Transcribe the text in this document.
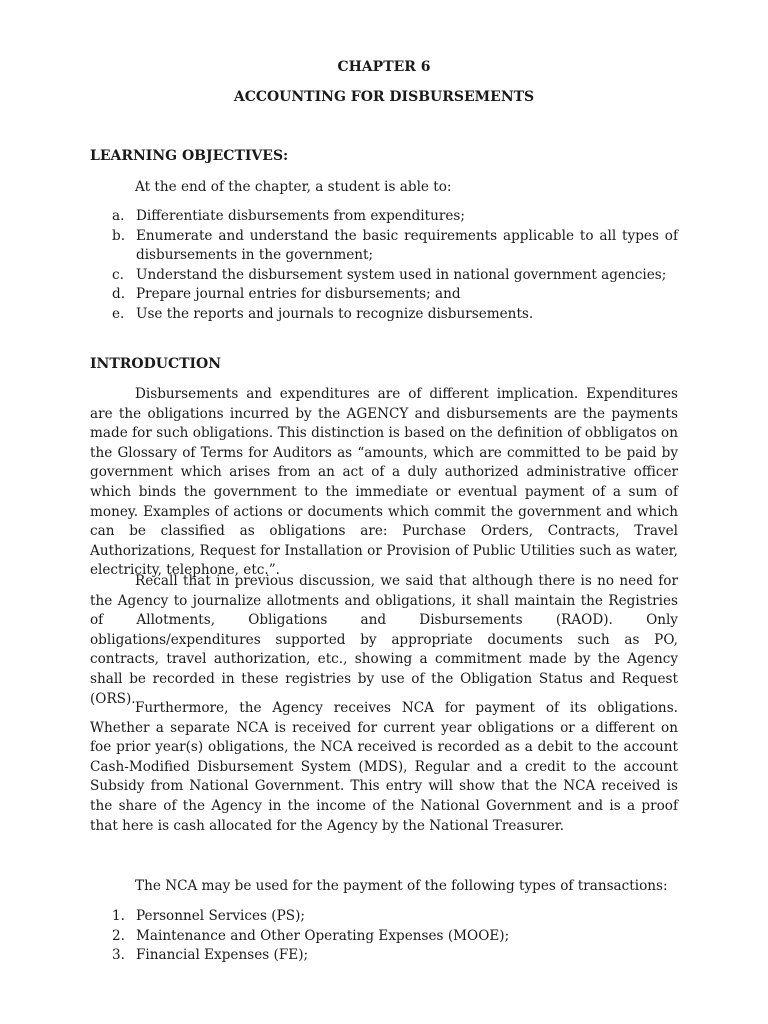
CHAPTER 6
ACCOUNTING FOR DISBURSEMENTS
LEARNING OBJECTIVES:
At the end of the chapter, a student is able to:
a. Differentiate disbursements from expenditures;
b. Enumerate and understand the basic requirements applicable to all types of disbursements in the government;
c. Understand the disbursement system used in national government agencies;
d. Prepare journal entries for disbursements; and
e. Use the reports and journals to recognize disbursements.
INTRODUCTION

Disbursements and expenditures are of different implication. Expenditures are the obligations incurred by the AGENCY and disbursements are the payments made for such obligations. This distinction is based on the definition of obbligatos on the Glossary of Terms for Auditors as “amounts, which are committed to be paid by government which arises from an act of a duly authorized administrative officer which binds the government to the immediate or eventual payment of a sum of money. Examples of actions or documents which commit the government and which can be classified as obligations are: Purchase Orders, Contracts, Travel Authorizations, Request for Installation or Provision of Public Utilities such as water, electricity, telephone, etc.”.

Recall that in previous discussion, we said that although there is no need for the Agency to journalize allotments and obligations, it shall maintain the Registries of Allotments, Obligations and Disbursements (RAOD). Only obligations/expenditures supported by appropriate documents such as PO, contracts, travel authorization, etc., showing a commitment made by the Agency shall be recorded in these registries by use of the Obligation Status and Request (ORS).

Furthermore, the Agency receives NCA for payment of its obligations. Whether a separate NCA is received for current year obligations or a different on foe prior year(s) obligations, the NCA received is recorded as a debit to the account Cash-Modified Disbursement System (MDS), Regular and a credit to the account Subsidy from National Government. This entry will show that the NCA received is the share of the Agency in the income of the National Government and is a proof that here is cash allocated for the Agency by the National Treasurer.

The NCA may be used for the payment of the following types of transactions:

1. Personnel Services (PS);
2. Maintenance and Other Operating Expenses (MOOE);
3. Financial Expenses (FE);
